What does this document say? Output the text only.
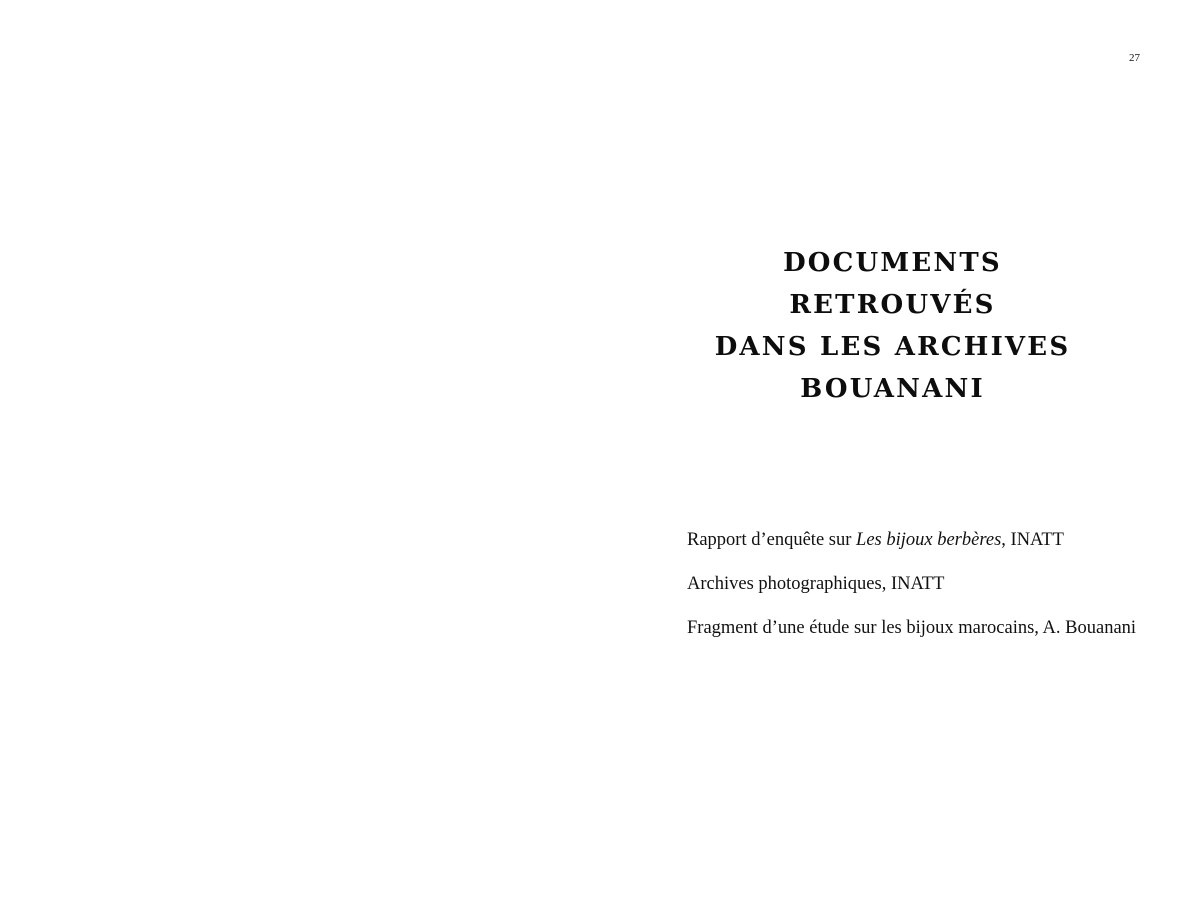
27
DOCUMENTS
RETROUVÉS
DANS LES ARCHIVES
BOUANANI
Rapport d’enquête sur Les bijoux berbères, INATT
Archives photographiques, INATT
Fragment d’une étude sur les bijoux marocains, A. Bouanani
